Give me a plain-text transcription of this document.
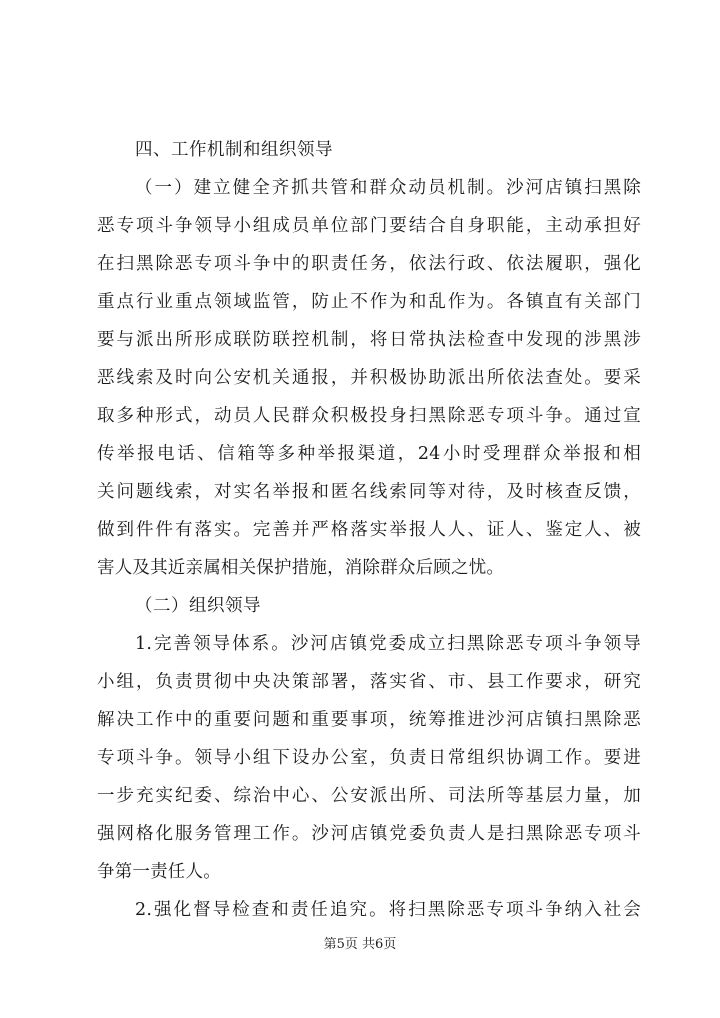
四、工作机制和组织领导
（一）建立健全齐抓共管和群众动员机制。沙河店镇扫黑除
恶专项斗争领导小组成员单位部门要结合自身职能，主动承担好
在扫黑除恶专项斗争中的职责任务，依法行政、依法履职，强化
重点行业重点领域监管，防止不作为和乱作为。各镇直有关部门
要与派出所形成联防联控机制，将日常执法检查中发现的涉黑涉
恶线索及时向公安机关通报，并积极协助派出所依法查处。要采
取多种形式，动员人民群众积极投身扫黑除恶专项斗争。通过宣
传举报电话、信箱等多种举报渠道，24小时受理群众举报和相
关问题线索，对实名举报和匿名线索同等对待，及时核查反馈，
做到件件有落实。完善并严格落实举报人人、证人、鉴定人、被
害人及其近亲属相关保护措施，消除群众后顾之忧。
（二）组织领导
1.完善领导体系。沙河店镇党委成立扫黑除恶专项斗争领导
小组，负责贯彻中央决策部署，落实省、市、县工作要求，研究
解决工作中的重要问题和重要事项，统筹推进沙河店镇扫黑除恶
专项斗争。领导小组下设办公室，负责日常组织协调工作。要进
一步充实纪委、综治中心、公安派出所、司法所等基层力量，加
强网格化服务管理工作。沙河店镇党委负责人是扫黑除恶专项斗
争第一责任人。
2.强化督导检查和责任追究。将扫黑除恶专项斗争纳入社会
第5页 共6页
